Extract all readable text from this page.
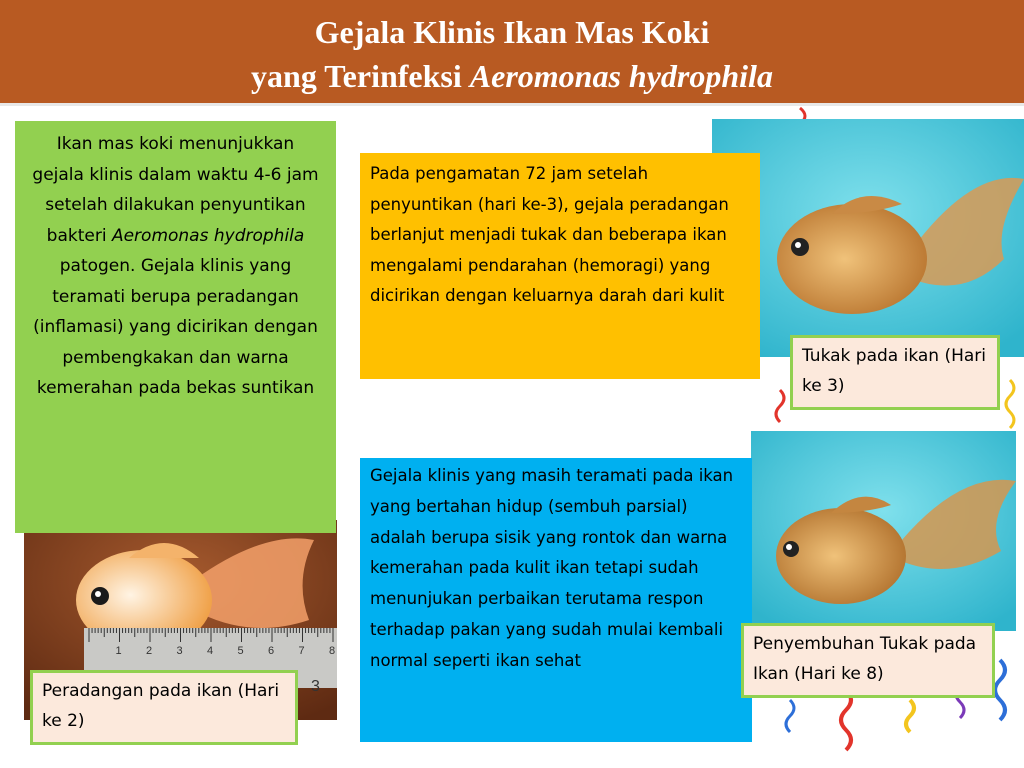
Gejala Klinis Ikan Mas Koki
yang Terinfeksi Aeromonas hydrophila
1 2 3 4 5 6 7 8
3
Ikan mas koki menunjukkan gejala klinis dalam waktu 4-6 jam setelah dilakukan penyuntikan bakteri Aeromonas hydrophila patogen. Gejala klinis yang teramati berupa peradangan (inflamasi) yang dicirikan dengan pembengkakan dan warna kemerahan pada bekas suntikan
Pada pengamatan 72 jam setelah penyuntikan (hari ke-3), gejala peradangan berlanjut menjadi tukak dan beberapa ikan mengalami pendarahan (hemoragi) yang dicirikan dengan keluarnya darah dari kulit
Gejala klinis yang masih teramati pada ikan yang bertahan hidup (sembuh parsial) adalah berupa sisik yang rontok dan warna kemerahan pada kulit ikan tetapi sudah menunjukan perbaikan terutama respon terhadap pakan yang sudah mulai kembali normal seperti ikan sehat
Tukak pada ikan (Hari ke 3)
Penyembuhan Tukak pada Ikan (Hari ke 8)
Peradangan pada ikan (Hari ke 2)
